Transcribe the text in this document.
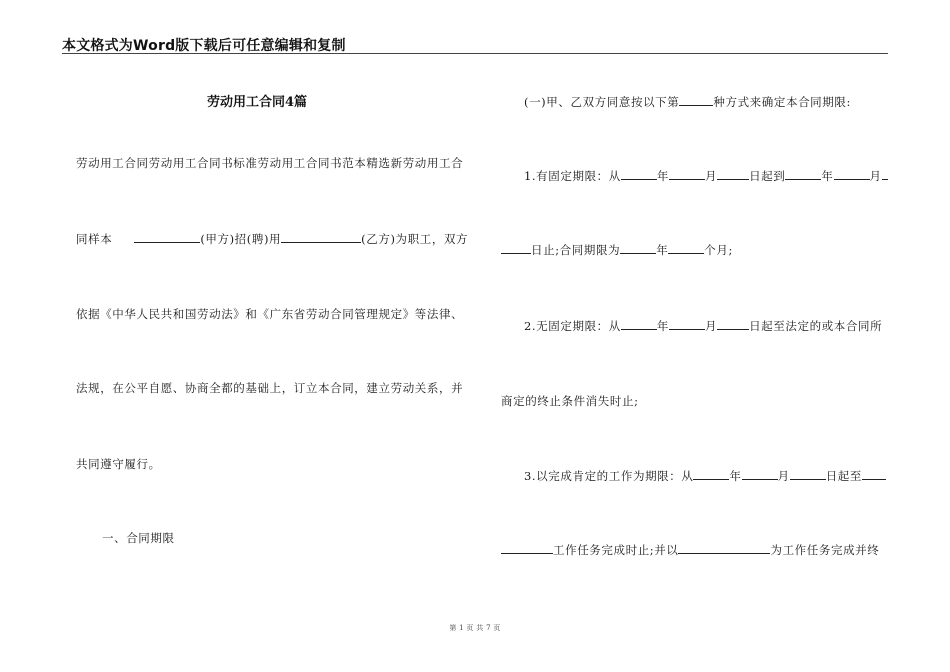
本文格式为Word版下载后可任意编辑和复制
劳动用工合同4篇
劳动用工合同劳动用工合同书标准劳动用工合同书范本精选新劳动用工合
同样本	(甲方)招(聘)用	(乙方)为职工，双方
依据《中华人民共和国劳动法》和《广东省劳动合同管理规定》等法律、
法规，在公平自愿、协商全都的基础上，订立本合同，建立劳动关系，并
共同遵守履行。
一、合同期限
(一)甲、乙双方同意按以下第	种方式来确定本合同期限:
1.有固定期限：从	年	月	日起到	年	月
日止;合同期限为	年	个月;
2.无固定期限：从	年	月	日起至法定的或本合同所
商定的终止条件消失时止;
3.以完成肯定的工作为期限：从	年	月	日起至
工作任务完成时止;并以	为工作任务完成并终
第 1 页 共 7 页
